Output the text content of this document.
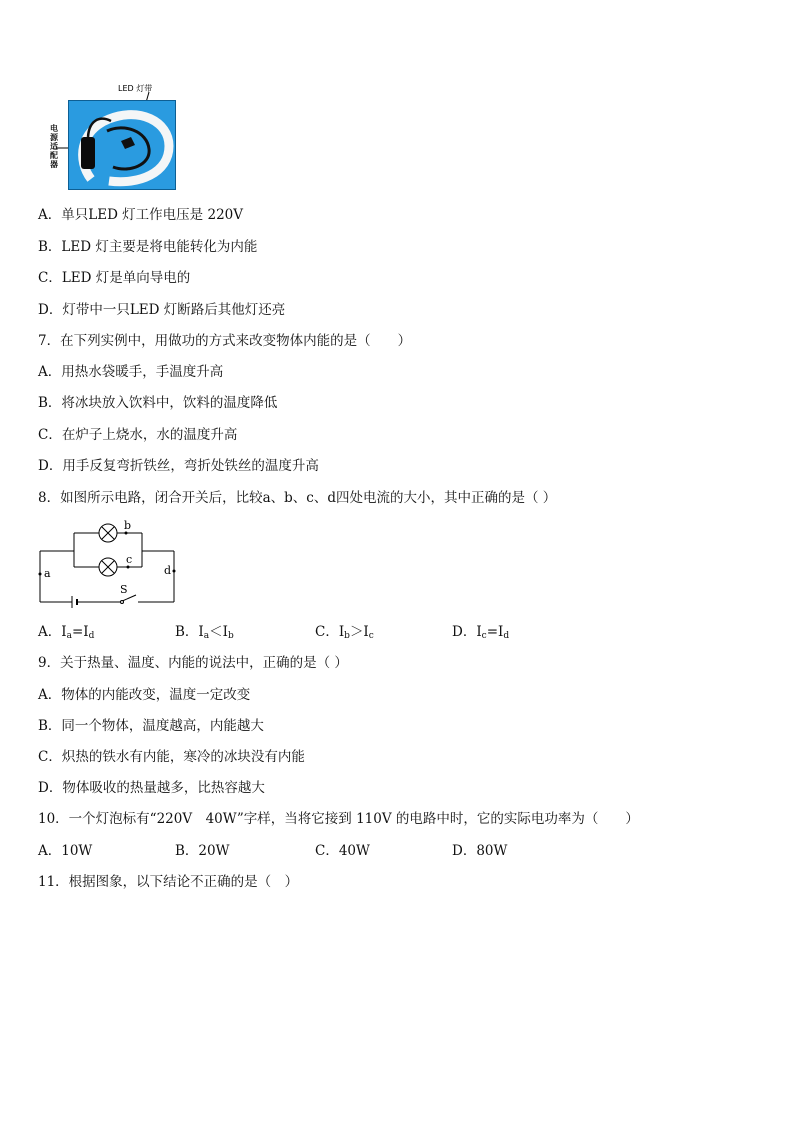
LED 灯带
电源适配器
A．单只LED 灯工作电压是 220V
B．LED 灯主要是将电能转化为内能
C．LED 灯是单向导电的
D．灯带中一只LED 灯断路后其他灯还亮
7．在下列实例中，用做功的方式来改变物体内能的是（　　）
A．用热水袋暖手，手温度升高
B．将冰块放入饮料中，饮料的温度降低
C．在炉子上烧水，水的温度升高
D．用手反复弯折铁丝，弯折处铁丝的温度升高
8．如图所示电路，闭合开关后，比较a、b、c、d四处电流的大小，其中正确的是（ ）
a
b
c
d
S
A．$I_a=I_d$	B．$I_a<I_b$	C．$I_b>I_c$	D．$I_c=I_d$
9．关于热量、温度、内能的说法中，正确的是（ ）
A．物体的内能改变，温度一定改变
B．同一个物体，温度越高，内能越大
C．炽热的铁水有内能，寒冷的冰块没有内能
D．物体吸收的热量越多，比热容越大
10．一个灯泡标有“220V　40W”字样，当将它接到 110V 的电路中时，它的实际电功率为（　　）
A．10W	B．20W	C．40W	D．80W
11．根据图象，以下结论不正确的是（　）
